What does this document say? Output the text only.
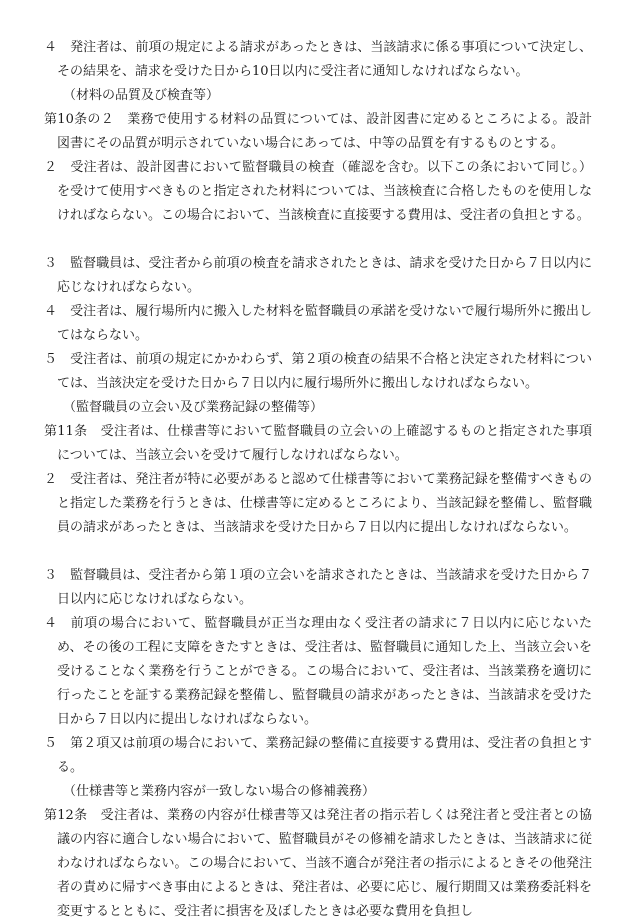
４　発注者は、前項の規定による請求があったときは、当該請求に係る事項について決定し、その結果を、請求を受けた日から10日以内に受注者に通知しなければならない。

（材料の品質及び検査等）

第10条の２　業務で使用する材料の品質については、設計図書に定めるところによる。設計図書にその品質が明示されていない場合にあっては、中等の品質を有するものとする。

２　受注者は、設計図書において監督職員の検査（確認を含む。以下この条において同じ。）を受けて使用すべきものと指定された材料については、当該検査に合格したものを使用しなければならない。この場合において、当該検査に直接要する費用は、受注者の負担とする。

３　監督職員は、受注者から前項の検査を請求されたときは、請求を受けた日から７日以内に応じなければならない。

４　受注者は、履行場所内に搬入した材料を監督職員の承諾を受けないで履行場所外に搬出してはならない。

５　受注者は、前項の規定にかかわらず、第２項の検査の結果不合格と決定された材料については、当該決定を受けた日から７日以内に履行場所外に搬出しなければならない。

（監督職員の立会い及び業務記録の整備等）

第11条　受注者は、仕様書等において監督職員の立会いの上確認するものと指定された事項については、当該立会いを受けて履行しなければならない。

２　受注者は、発注者が特に必要があると認めて仕様書等において業務記録を整備すべきものと指定した業務を行うときは、仕様書等に定めるところにより、当該記録を整備し、監督職員の請求があったときは、当該請求を受けた日から７日以内に提出しなければならない。

３　監督職員は、受注者から第１項の立会いを請求されたときは、当該請求を受けた日から７日以内に応じなければならない。

４　前項の場合において、監督職員が正当な理由なく受注者の請求に７日以内に応じないため、その後の工程に支障をきたすときは、受注者は、監督職員に通知した上、当該立会いを受けることなく業務を行うことができる。この場合において、受注者は、当該業務を適切に行ったことを証する業務記録を整備し、監督職員の請求があったときは、当該請求を受けた日から７日以内に提出しなければならない。

５　第２項又は前項の場合において、業務記録の整備に直接要する費用は、受注者の負担とする。

（仕様書等と業務内容が一致しない場合の修補義務）

第12条　受注者は、業務の内容が仕様書等又は発注者の指示若しくは発注者と受注者との協議の内容に適合しない場合において、監督職員がその修補を請求したときは、当該請求に従わなければならない。この場合において、当該不適合が発注者の指示によるときその他発注者の責めに帰すべき事由によるときは、発注者は、必要に応じ、履行期間又は業務委託料を変更するとともに、受注者に損害を及ぼしたときは必要な費用を負担し
